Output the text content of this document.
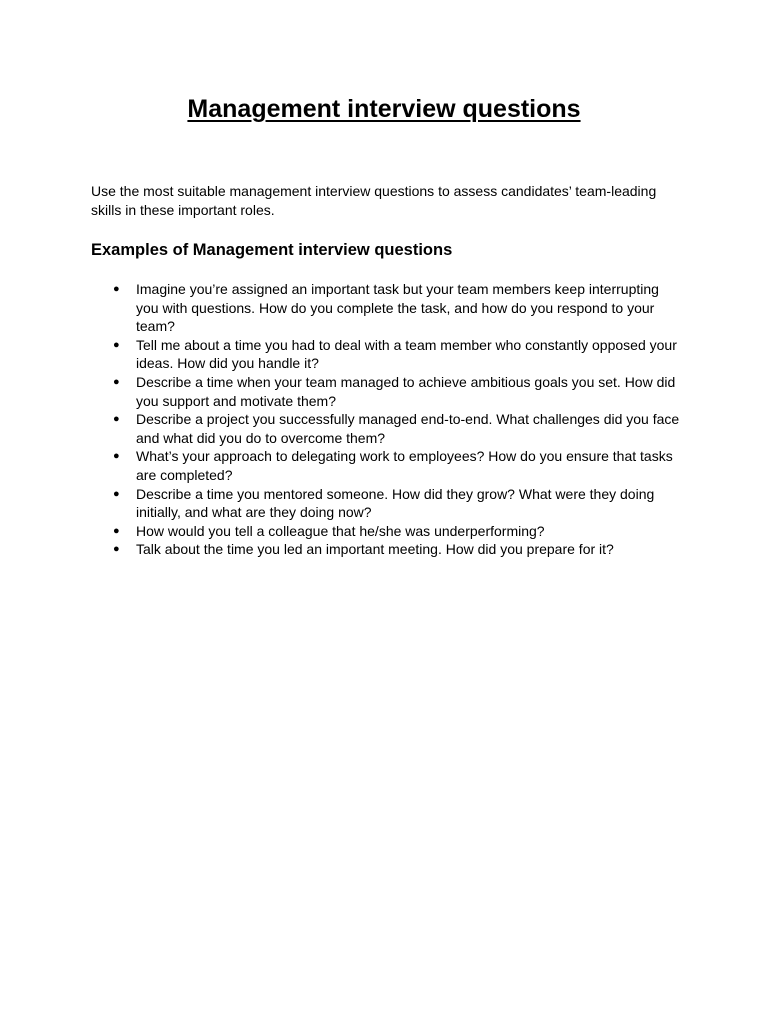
Management interview questions

Use the most suitable management interview questions to assess candidates’ team-leading skills in these important roles.

Examples of Management interview questions
● Imagine you’re assigned an important task but your team members keep interrupting you with questions. How do you complete the task, and how do you respond to your team?
● Tell me about a time you had to deal with a team member who constantly opposed your ideas. How did you handle it?
● Describe a time when your team managed to achieve ambitious goals you set. How did you support and motivate them?
● Describe a project you successfully managed end-to-end. What challenges did you face and what did you do to overcome them?
● What’s your approach to delegating work to employees? How do you ensure that tasks are completed?
● Describe a time you mentored someone. How did they grow? What were they doing initially, and what are they doing now?
● How would you tell a colleague that he/she was underperforming?
● Talk about the time you led an important meeting. How did you prepare for it?
